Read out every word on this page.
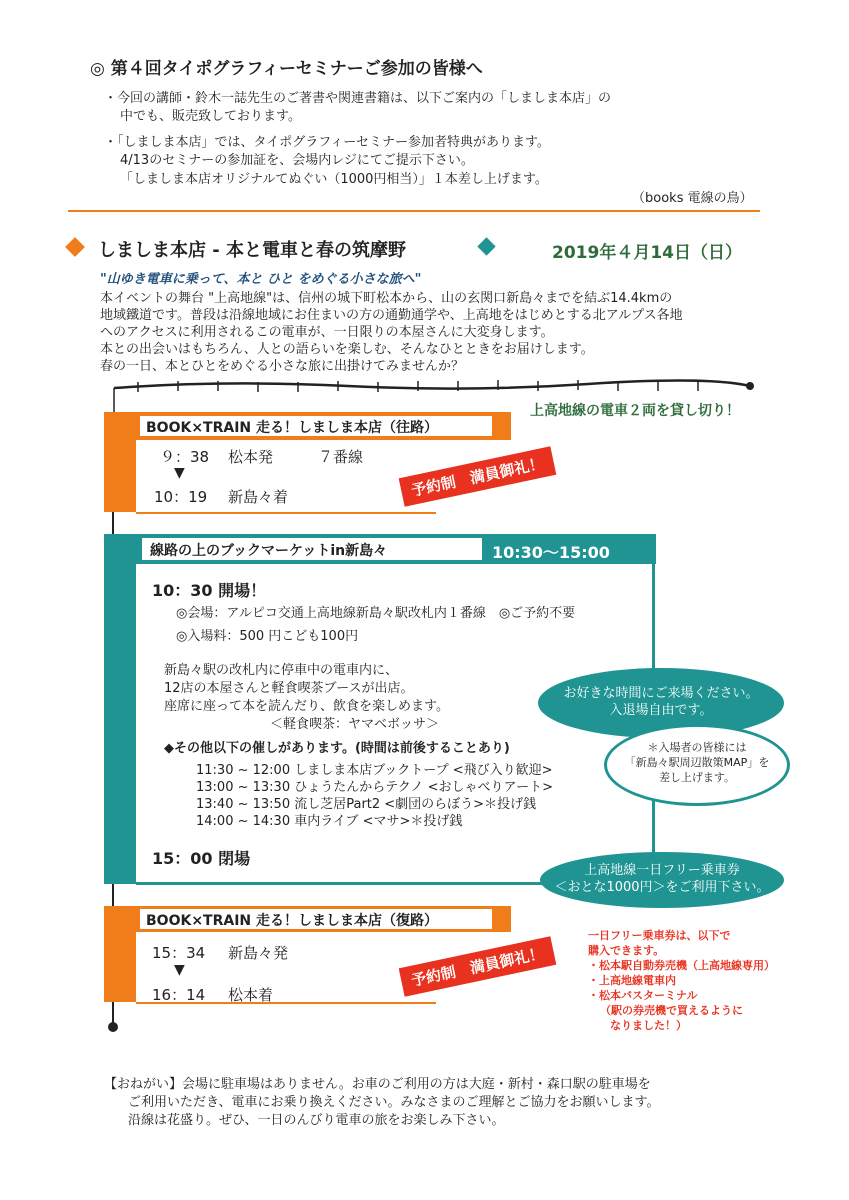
◎ 第４回タイポグラフィーセミナーご参加の皆様へ
・今回の講師・鈴木一誌先生のご著書や関連書籍は、以下ご案内の「しましま本店」の
中でも、販売致しております。
・「しましま本店」では、タイポグラフィーセミナー参加者特典があります。
4/13のセミナーの参加証を、会場内レジにてご提示下さい。
「しましま本店オリジナルてぬぐい（1000円相当）」１本差し上げます。
（books 電線の鳥）
しましま本店 - 本と電車と春の筑摩野	2019年４月14日（日）
"山ゆき電車に乗って、本と ひと をめぐる小さな旅へ"
本イベントの舞台 "上高地線"は、信州の城下町松本から、山の玄関口新島々までを結ぶ14.4kmの
地域鐵道です。普段は沿線地域にお住まいの方の通勤通学や、上高地をはじめとする北アルプス各地
へのアクセスに利用されるこの電車が、一日限りの本屋さんに大変身します。
本との出会いはもちろん、人との語らいを楽しむ、そんなひとときをお届けします。
春の一日、本とひとをめぐる小さな旅に出掛けてみませんか？
上高地線の電車２両を貸し切り！
BOOK×TRAIN 走る！しましま本店（往路）
９：38 松本発	７番線
▼
10：19 新島々着	予約制　満員御礼！
線路の上のブックマーケットin新島々	10:30〜15:00
10：30 開場！
◎会場：アルピコ交通上高地線新島々駅改札内１番線　◎ご予約不要
◎入場料：500 円こども100円
新島々駅の改札内に停車中の電車内に、
12店の本屋さんと軽食喫茶ブースが出店。
座席に座って本を読んだり、飲食を楽しめます。
＜軽食喫茶：ヤマベボッサ＞
◆その他以下の催しがあります。(時間は前後することあり)
11:30 ~ 12:00 しましま本店ブックトープ <飛び入り歓迎>
13:00 ~ 13:30 ひょうたんからテクノ <おしゃべりアート>
13:40 ~ 13:50 流し芝居Part2 <劇団のらぼう>＊投げ銭
14:00 ~ 14:30 車内ライブ <マサ>＊投げ銭
15：00 閉場
お好きな時間にご来場ください。
入退場自由です。
＊入場者の皆様には
「新島々駅周辺散策MAP」を
差し上げます。
上高地線一日フリー乗車券
＜おとな1000円＞をご利用下さい。
BOOK×TRAIN 走る！しましま本店（復路）
15：34 新島々発
▼
16：14 松本着
予約制　満員御礼！
一日フリー乗車券は、以下で
購入できます。
・松本駅自動券売機（上高地線専用）
・上高地線電車内
・松本バスターミナル
（駅の券売機で買えるように
なりました！）
【おねがい】会場に駐車場はありません。お車のご利用の方は大庭・新村・森口駅の駐車場を
ご利用いただき、電車にお乗り換えください。みなさまのご理解とご協力をお願いします。
沿線は花盛り。ぜひ、一日のんびり電車の旅をお楽しみ下さい。
